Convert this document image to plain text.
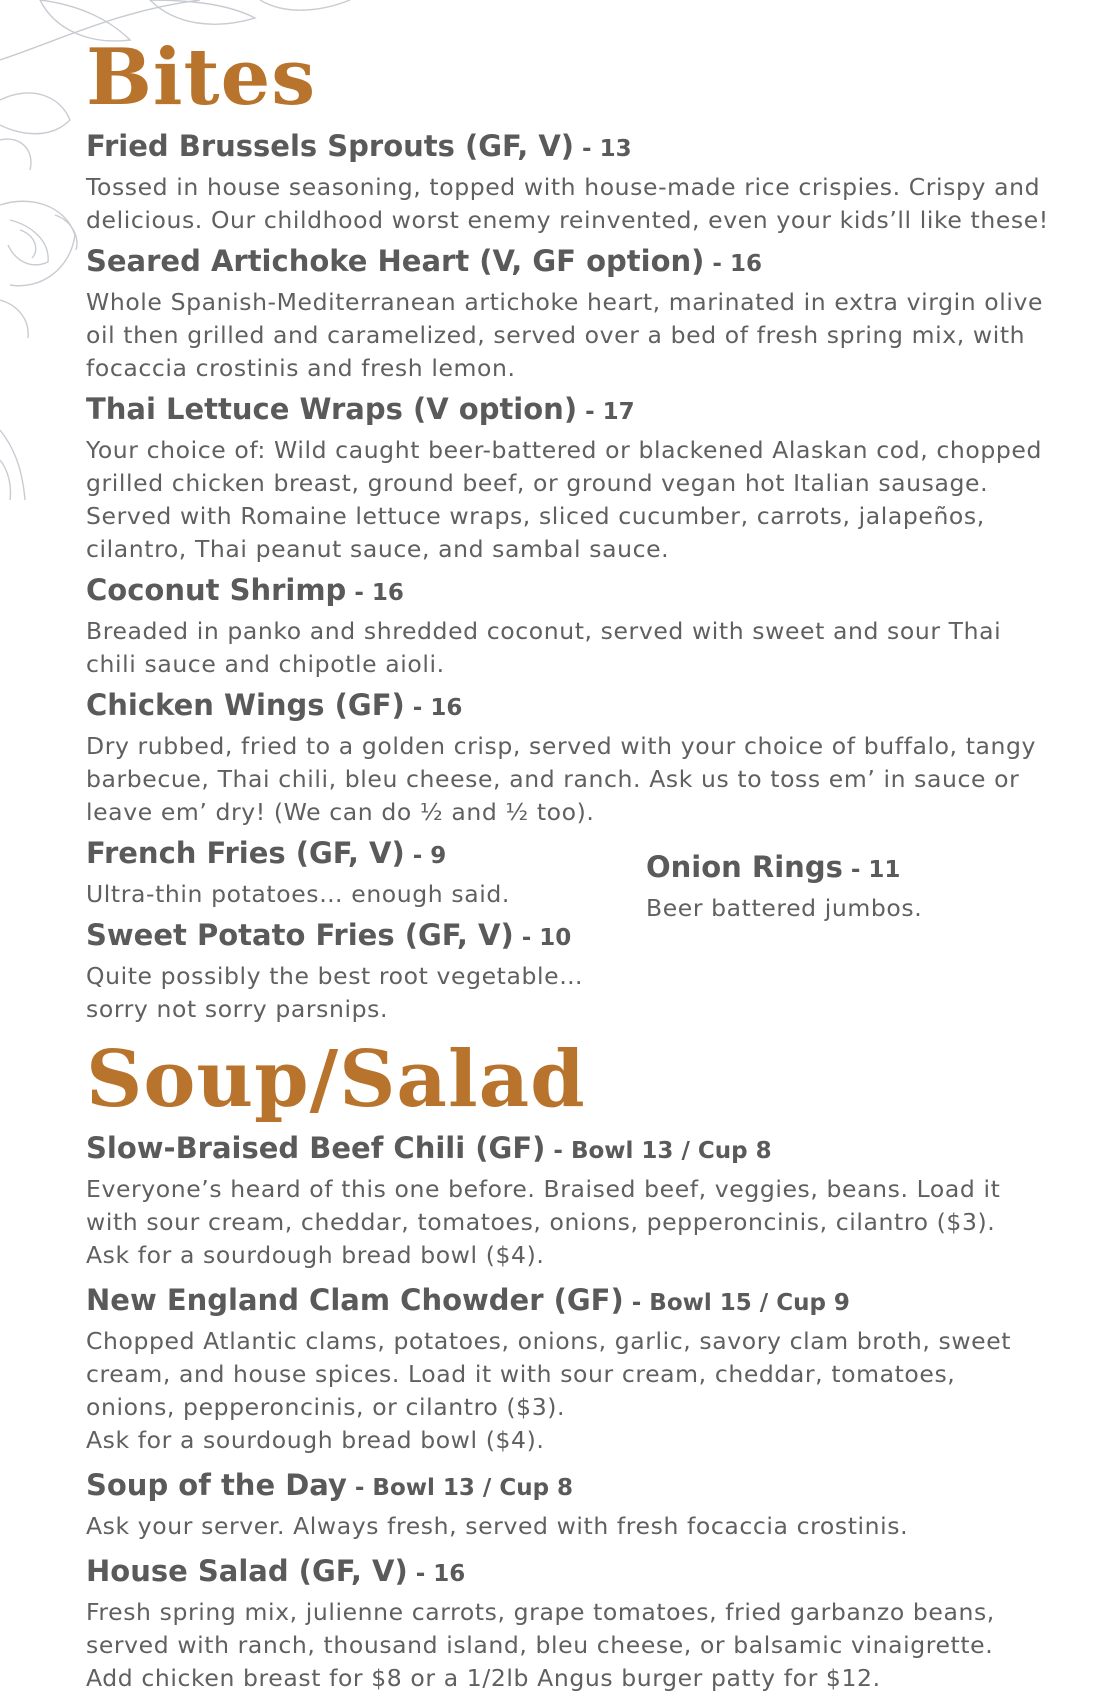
Bites

Fried Brussels Sprouts (GF, V) - 13

Tossed in house seasoning, topped with house-made rice crispies. Crispy and
delicious. Our childhood worst enemy reinvented, even your kids’ll like these!

Seared Artichoke Heart (V, GF option) - 16

Whole Spanish-Mediterranean artichoke heart, marinated in extra virgin olive
oil then grilled and caramelized, served over a bed of fresh spring mix, with
focaccia crostinis and fresh lemon.

Thai Lettuce Wraps (V option) - 17

Your choice of: Wild caught beer-battered or blackened Alaskan cod, chopped
grilled chicken breast, ground beef, or ground vegan hot Italian sausage.
Served with Romaine lettuce wraps, sliced cucumber, carrots, jalapeños,
cilantro, Thai peanut sauce, and sambal sauce.

Coconut Shrimp - 16

Breaded in panko and shredded coconut, served with sweet and sour Thai
chili sauce and chipotle aioli.

Chicken Wings (GF) - 16

Dry rubbed, fried to a golden crisp, served with your choice of buffalo, tangy
barbecue, Thai chili, bleu cheese, and ranch. Ask us to toss em’ in sauce or
leave em’ dry! (We can do ½ and ½ too).

French Fries (GF, V) - 9

Ultra-thin potatoes… enough said.

Sweet Potato Fries (GF, V) - 10

Quite possibly the best root vegetable…
sorry not sorry parsnips.

Onion Rings - 11

Beer battered jumbos.

Soup/Salad

Slow-Braised Beef Chili (GF) - Bowl 13 / Cup 8

Everyone’s heard of this one before. Braised beef, veggies, beans. Load it
with sour cream, cheddar, tomatoes, onions, pepperoncinis, cilantro ($3).
Ask for a sourdough bread bowl ($4).

New England Clam Chowder (GF) - Bowl 15 / Cup 9

Chopped Atlantic clams, potatoes, onions, garlic, savory clam broth, sweet
cream, and house spices. Load it with sour cream, cheddar, tomatoes,
onions, pepperoncinis, or cilantro ($3).
Ask for a sourdough bread bowl ($4).

Soup of the Day - Bowl 13 / Cup 8

Ask your server. Always fresh, served with fresh focaccia crostinis.

House Salad (GF, V) - 16

Fresh spring mix, julienne carrots, grape tomatoes, fried garbanzo beans,
served with ranch, thousand island, bleu cheese, or balsamic vinaigrette.
Add chicken breast for $8 or a 1/2lb Angus burger patty for $12.
